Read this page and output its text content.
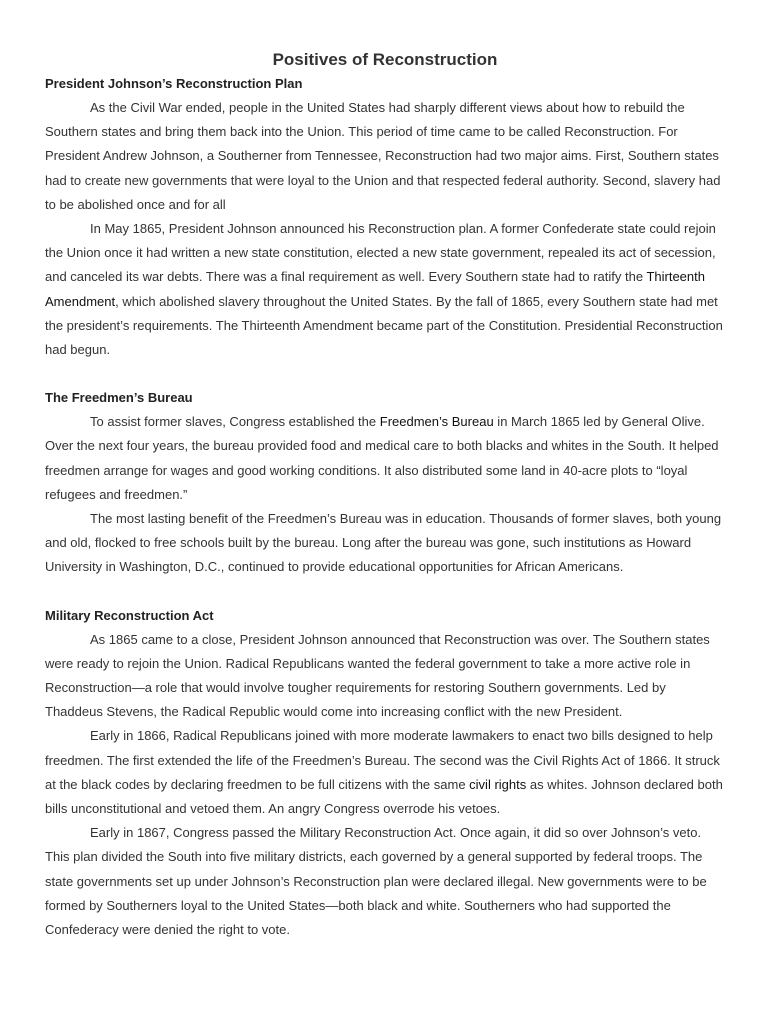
Positives of Reconstruction
President Johnson’s Reconstruction Plan

As the Civil War ended, people in the United States had sharply different views about how to rebuild the Southern states and bring them back into the Union. This period of time came to be called Reconstruction. For President Andrew Johnson, a Southerner from Tennessee, Reconstruction had two major aims. First, Southern states had to create new governments that were loyal to the Union and that respected federal authority. Second, slavery had to be abolished once and for all

In May 1865, President Johnson announced his Reconstruction plan. A former Confederate state could rejoin the Union once it had written a new state constitution, elected a new state government, repealed its act of secession, and canceled its war debts. There was a final requirement as well. Every Southern state had to ratify the Thirteenth Amendment, which abolished slavery throughout the United States. By the fall of 1865, every Southern state had met the president’s requirements. The Thirteenth Amendment became part of the Constitution. Presidential Reconstruction had begun.

The Freedmen’s Bureau

To assist former slaves, Congress established the Freedmen’s Bureau in March 1865 led by General Olive. Over the next four years, the bureau provided food and medical care to both blacks and whites in the South. It helped freedmen arrange for wages and good working conditions. It also distributed some land in 40-acre plots to “loyal refugees and freedmen.”

The most lasting benefit of the Freedmen’s Bureau was in education. Thousands of former slaves, both young and old, flocked to free schools built by the bureau. Long after the bureau was gone, such institutions as Howard University in Washington, D.C., continued to provide educational opportunities for African Americans.

Military Reconstruction Act

As 1865 came to a close, President Johnson announced that Reconstruction was over. The Southern states were ready to rejoin the Union. Radical Republicans wanted the federal government to take a more active role in Reconstruction—a role that would involve tougher requirements for restoring Southern governments. Led by Thaddeus Stevens, the Radical Republic would come into increasing conflict with the new President.

Early in 1866, Radical Republicans joined with more moderate lawmakers to enact two bills designed to help freedmen. The first extended the life of the Freedmen’s Bureau. The second was the Civil Rights Act of 1866. It struck at the black codes by declaring freedmen to be full citizens with the same civil rights as whites. Johnson declared both bills unconstitutional and vetoed them. An angry Congress overrode his vetoes.

Early in 1867, Congress passed the Military Reconstruction Act. Once again, it did so over Johnson’s veto. This plan divided the South into five military districts, each governed by a general supported by federal troops. The state governments set up under Johnson’s Reconstruction plan were declared illegal. New governments were to be formed by Southerners loyal to the United States—both black and white. Southerners who had supported the Confederacy were denied the right to vote.
